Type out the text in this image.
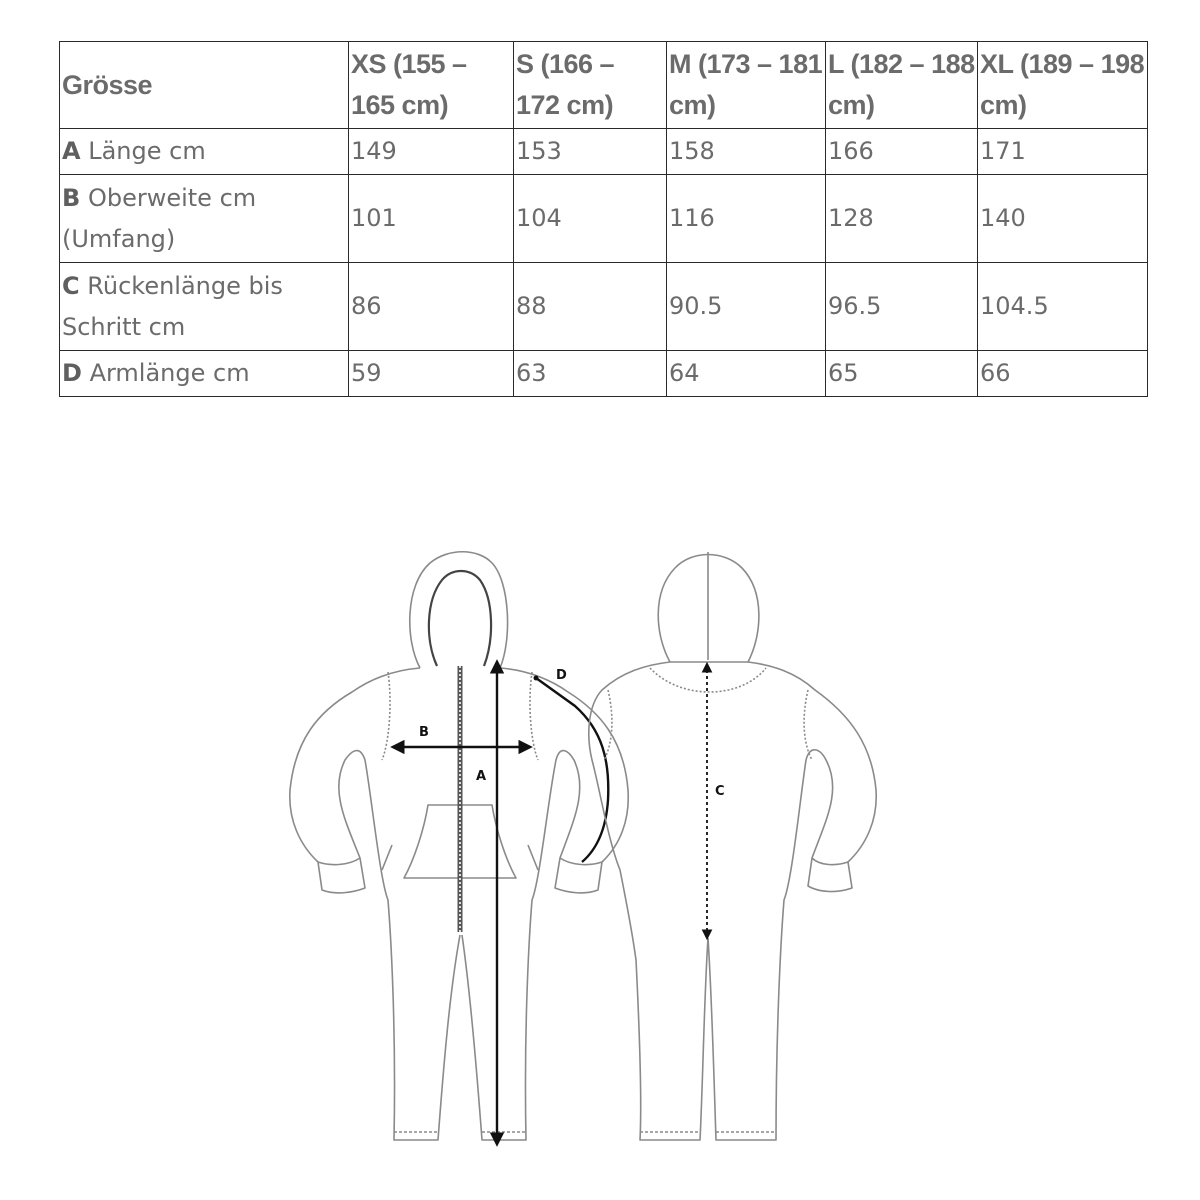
Grösse	XS (155 – 165 cm)	S (166 – 172 cm)	M (173 – 181 cm)	L (182 – 188 cm)	XL (189 – 198 cm)
A Länge cm	149	153	158	166	171
B Oberweite cm (Umfang)	101	104	116	128	140
C Rückenlänge bis Schritt cm	86	88	90.5	96.5	104.5
D Armlänge cm	59	63	64	65	66
A
B
D
C
